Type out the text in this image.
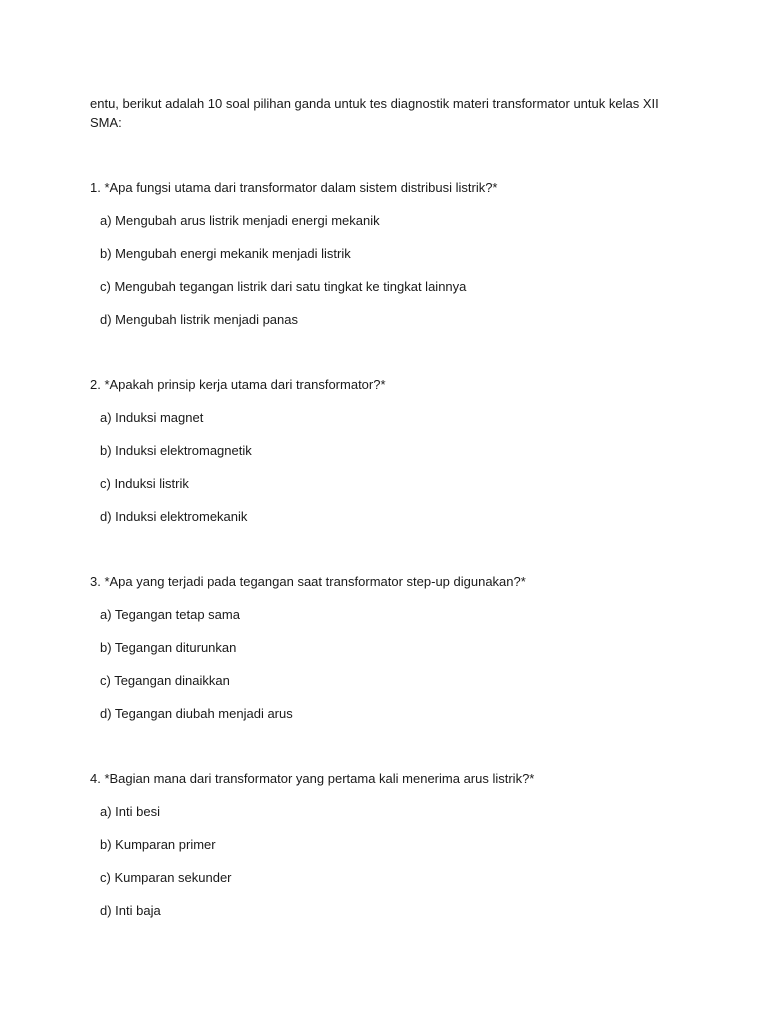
entu, berikut adalah 10 soal pilihan ganda untuk tes diagnostik materi transformator untuk kelas XII SMA:
1. *Apa fungsi utama dari transformator dalam sistem distribusi listrik?*
a) Mengubah arus listrik menjadi energi mekanik
b) Mengubah energi mekanik menjadi listrik
c) Mengubah tegangan listrik dari satu tingkat ke tingkat lainnya
d) Mengubah listrik menjadi panas
2. *Apakah prinsip kerja utama dari transformator?*
a) Induksi magnet
b) Induksi elektromagnetik
c) Induksi listrik
d) Induksi elektromekanik
3. *Apa yang terjadi pada tegangan saat transformator step-up digunakan?*
a) Tegangan tetap sama
b) Tegangan diturunkan
c) Tegangan dinaikkan
d) Tegangan diubah menjadi arus
4. *Bagian mana dari transformator yang pertama kali menerima arus listrik?*
a) Inti besi
b) Kumparan primer
c) Kumparan sekunder
d) Inti baja
